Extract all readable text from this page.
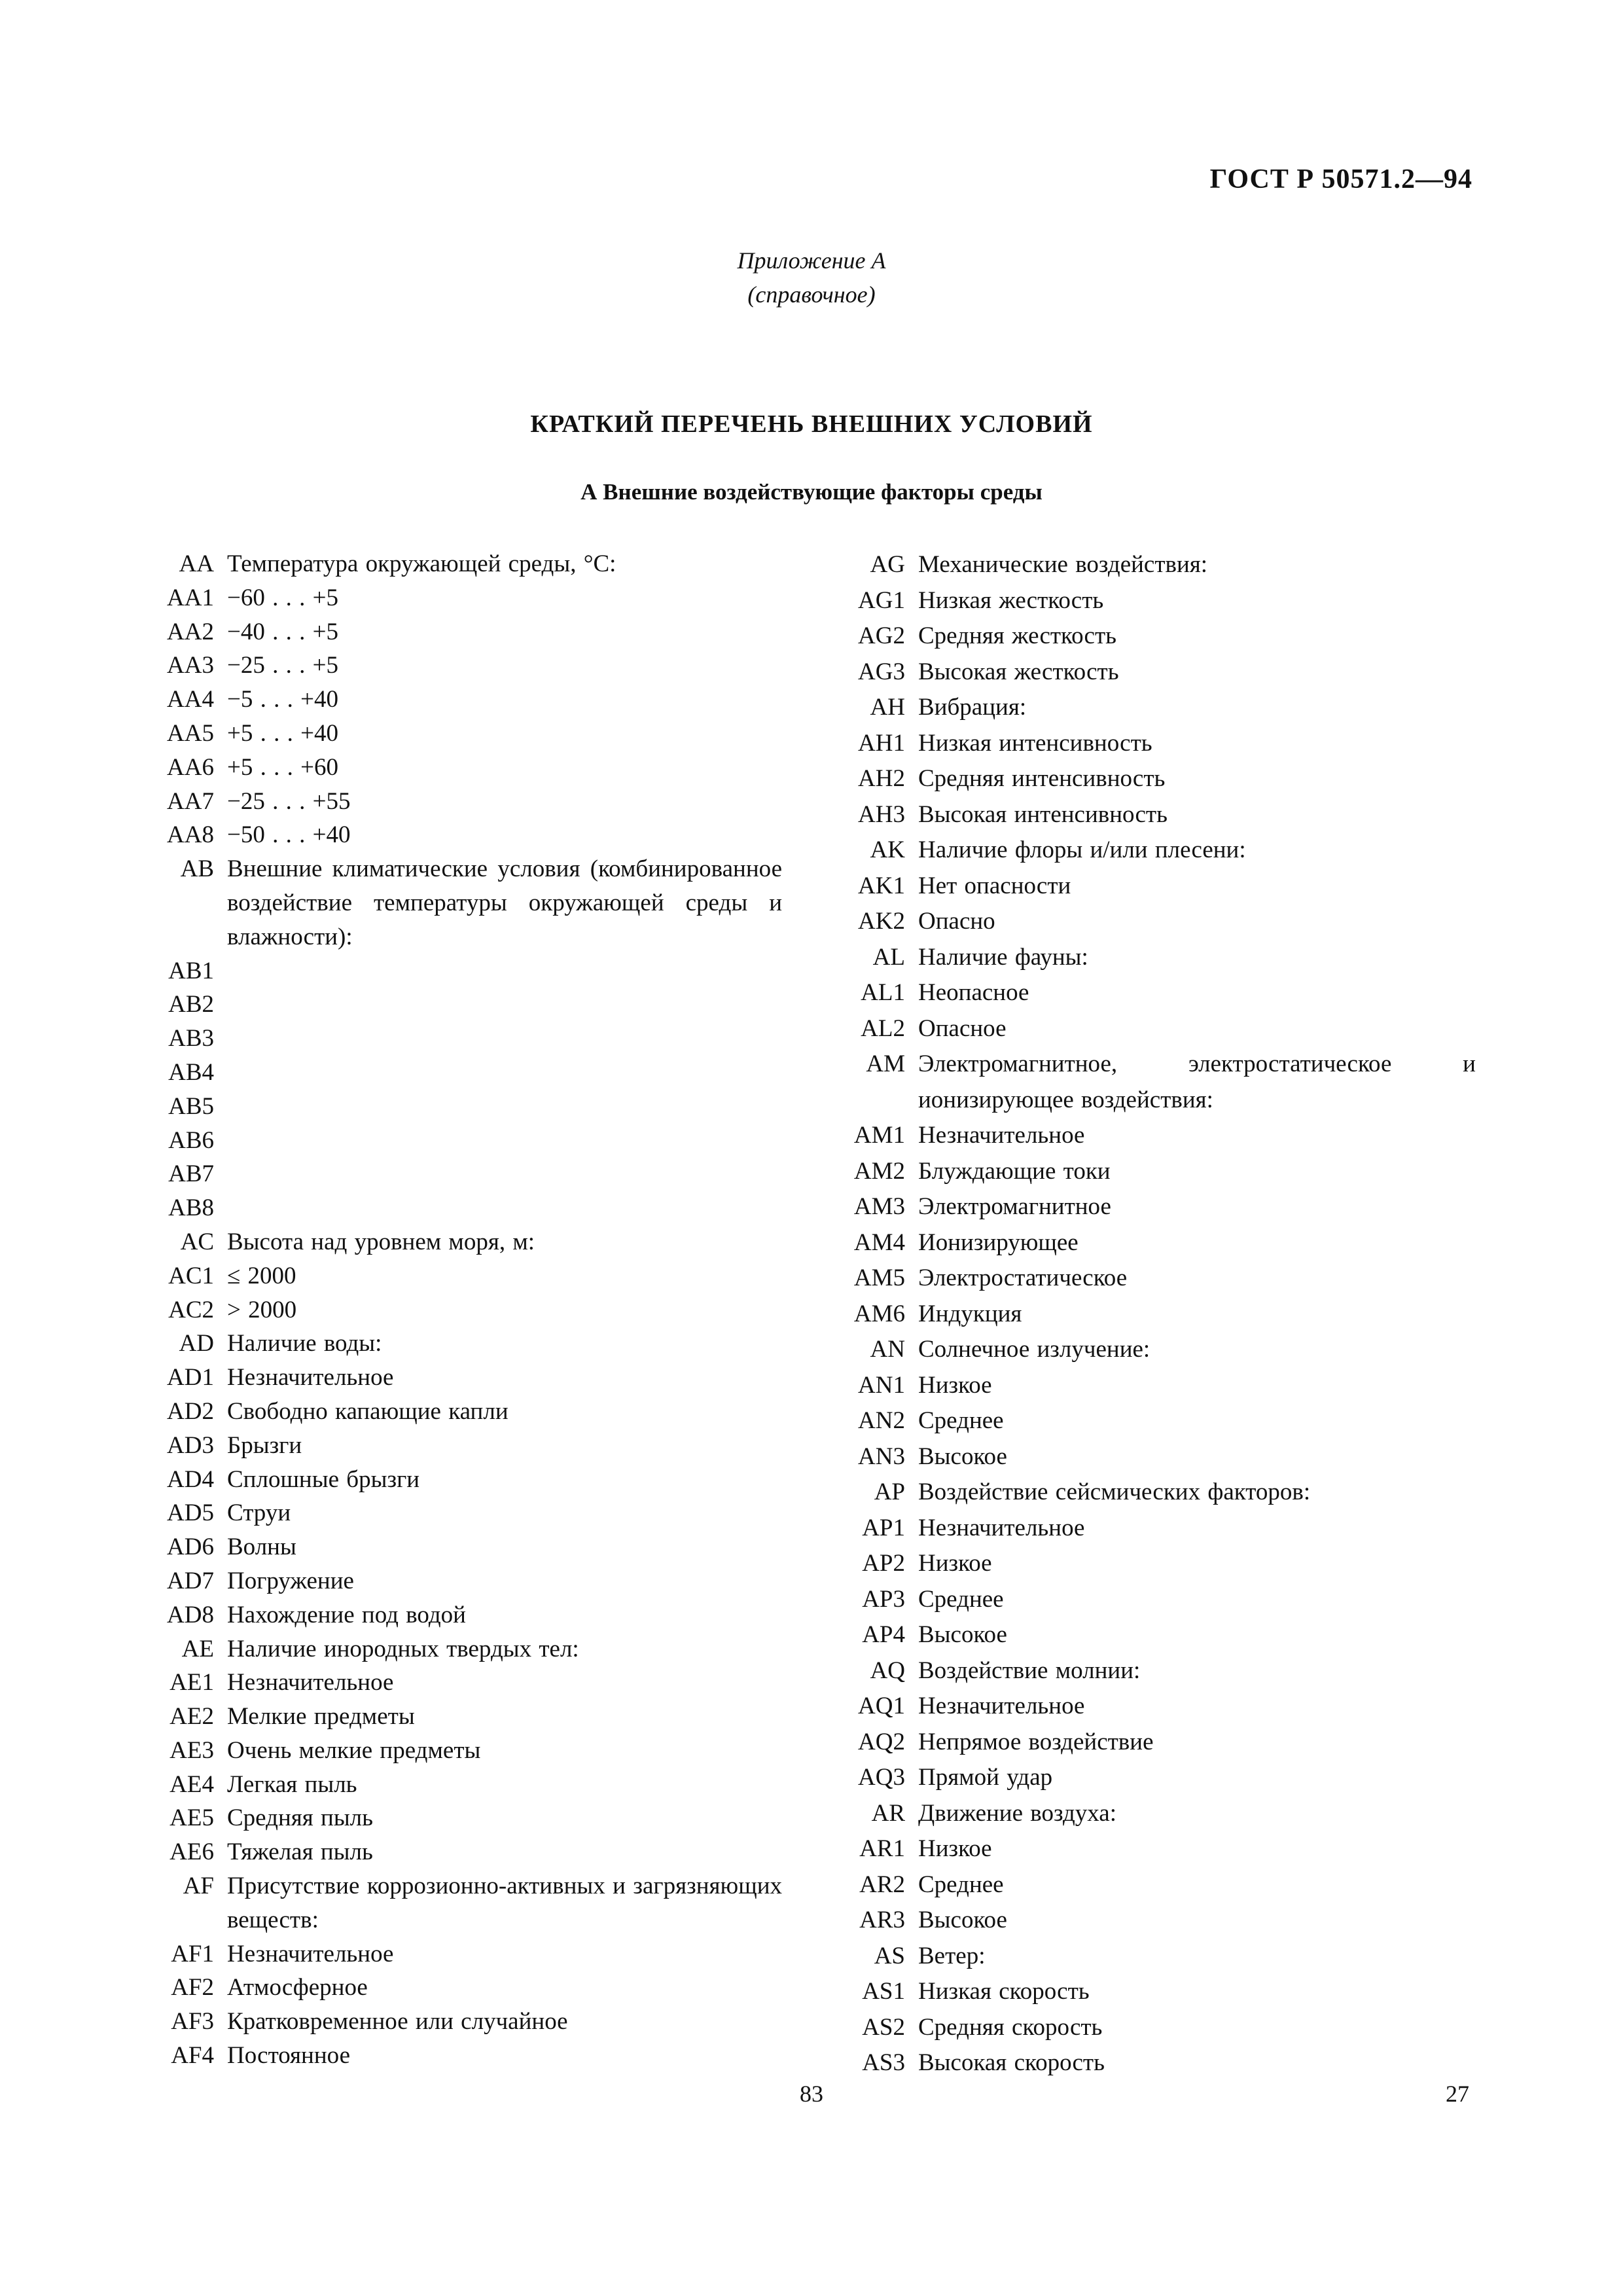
ГОСТ Р 50571.2—94
Приложение А
(справочное)
КРАТКИЙ ПЕРЕЧЕНЬ ВНЕШНИХ УСЛОВИЙ
А Внешние воздействующие факторы среды
AA Температура окружающей среды, °С:
AA1 −60 . . . +5
AA2 −40 . . . +5
AA3 −25 . . . +5
AA4 −5 . . . +40
AA5 +5 . . . +40
AA6 +5 . . . +60
AA7 −25 . . . +55
AA8 −50 . . . +40
AB Внешние климатические условия (комбинированное воздействие температуры окружающей среды и влажности):
AB1
AB2
AB3
AB4
AB5
AB6
AB7
AB8
AC Высота над уровнем моря, м:
AC1 ≤ 2000
AC2 > 2000
AD Наличие воды:
AD1 Незначительное
AD2 Свободно капающие капли
AD3 Брызги
AD4 Сплошные брызги
AD5 Струи
AD6 Волны
AD7 Погружение
AD8 Нахождение под водой
AE Наличие инородных твердых тел:
AE1 Незначительное
AE2 Мелкие предметы
AE3 Очень мелкие предметы
AE4 Легкая пыль
AE5 Средняя пыль
AE6 Тяжелая пыль
AF Присутствие коррозионно-активных и загрязняющих веществ:
AF1 Незначительное
AF2 Атмосферное
AF3 Кратковременное или случайное
AF4 Постоянное
AG Механические воздействия:
AG1 Низкая жесткость
AG2 Средняя жесткость
AG3 Высокая жесткость
AH Вибрация:
AH1 Низкая интенсивность
AH2 Средняя интенсивность
AH3 Высокая интенсивность
AK Наличие флоры и/или плесени:
AK1 Нет опасности
AK2 Опасно
AL Наличие фауны:
AL1 Неопасное
AL2 Опасное
AM Электромагнитное, электростатическое и ионизирующее воздействия:
AM1 Незначительное
AM2 Блуждающие токи
AM3 Электромагнитное
AM4 Ионизирующее
AM5 Электростатическое
AM6 Индукция
AN Солнечное излучение:
AN1 Низкое
AN2 Среднее
AN3 Высокое
AP Воздействие сейсмических факторов:
AP1 Незначительное
AP2 Низкое
AP3 Среднее
AP4 Высокое
AQ Воздействие молнии:
AQ1 Незначительное
AQ2 Непрямое воздействие
AQ3 Прямой удар
AR Движение воздуха:
AR1 Низкое
AR2 Среднее
AR3 Высокое
AS Ветер:
AS1 Низкая скорость
AS2 Средняя скорость
AS3 Высокая скорость
83	27
